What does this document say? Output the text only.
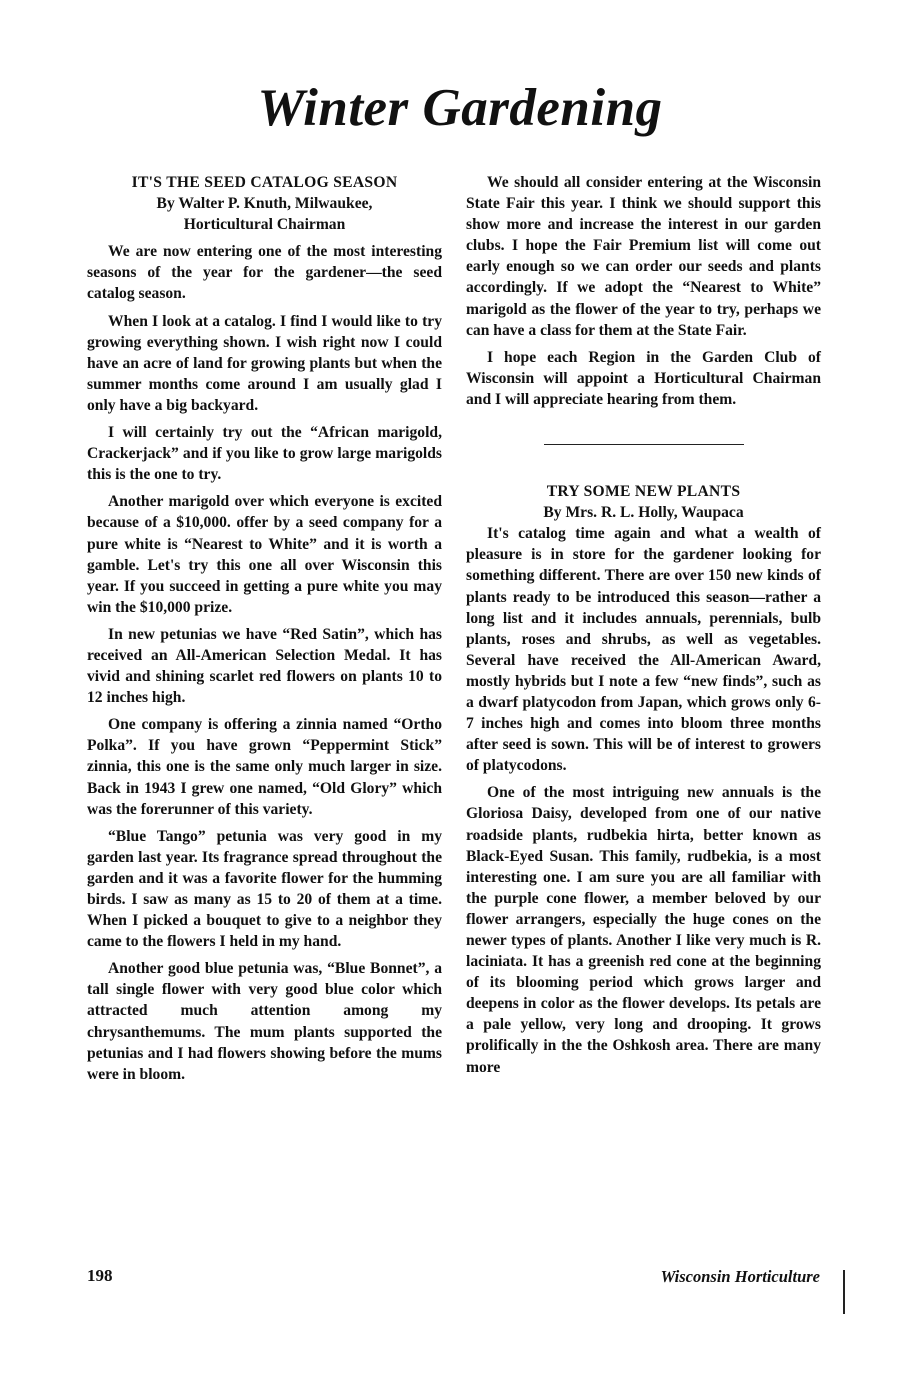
Winter Gardening

IT'S THE SEED CATALOG SEASON

By Walter P. Knuth, Milwaukee,

Horticultural Chairman

We are now entering one of the most interesting seasons of the year for the gardener—the seed catalog season.

When I look at a catalog. I find I would like to try growing everything shown. I wish right now I could have an acre of land for growing plants but when the summer months come around I am usually glad I only have a big backyard.

I will certainly try out the “African marigold, Crackerjack” and if you like to grow large marigolds this is the one to try.

Another marigold over which everyone is excited because of a $10,000. offer by a seed company for a pure white is “Nearest to White” and it is worth a gamble. Let's try this one all over Wisconsin this year. If you succeed in getting a pure white you may win the $10,000 prize.

In new petunias we have “Red Satin”, which has received an All-American Selection Medal. It has vivid and shining scarlet red flowers on plants 10 to 12 inches high.

One company is offering a zinnia named “Ortho Polka”. If you have grown “Peppermint Stick” zinnia, this one is the same only much larger in size. Back in 1943 I grew one named, “Old Glory” which was the forerunner of this variety.

“Blue Tango” petunia was very good in my garden last year. Its fragrance spread throughout the garden and it was a favorite flower for the humming birds. I saw as many as 15 to 20 of them at a time. When I picked a bouquet to give to a neighbor they came to the flowers I held in my hand.

Another good blue petunia was, “Blue Bonnet”, a tall single flower with very good blue color which attracted much attention among my chrysanthemums. The mum plants supported the petunias and I had flowers showing before the mums were in bloom.

We should all consider entering at the Wisconsin State Fair this year. I think we should support this show more and increase the interest in our garden clubs. I hope the Fair Premium list will come out early enough so we can order our seeds and plants accordingly. If we adopt the “Nearest to White” marigold as the flower of the year to try, perhaps we can have a class for them at the State Fair.

I hope each Region in the Garden Club of Wisconsin will appoint a Horticultural Chairman and I will appreciate hearing from them.

TRY SOME NEW PLANTS

By Mrs. R. L. Holly, Waupaca

It's catalog time again and what a wealth of pleasure is in store for the gardener looking for something different. There are over 150 new kinds of plants ready to be introduced this season—rather a long list and it includes annuals, perennials, bulb plants, roses and shrubs, as well as vegetables. Several have received the All-American Award, mostly hybrids but I note a few “new finds”, such as a dwarf platycodon from Japan, which grows only 6-7 inches high and comes into bloom three months after seed is sown. This will be of interest to growers of platycodons.

One of the most intriguing new annuals is the Gloriosa Daisy, developed from one of our native roadside plants, rudbekia hirta, better known as Black-Eyed Susan. This family, rudbekia, is a most interesting one. I am sure you are all familiar with the purple cone flower, a member beloved by our flower arrangers, especially the huge cones on the newer types of plants. Another I like very much is R. laciniata. It has a greenish red cone at the beginning of its blooming period which grows larger and deepens in color as the flower develops. Its petals are a pale yellow, very long and drooping. It grows prolifically in the the Oshkosh area. There are many more

198	Wisconsin Horticulture
